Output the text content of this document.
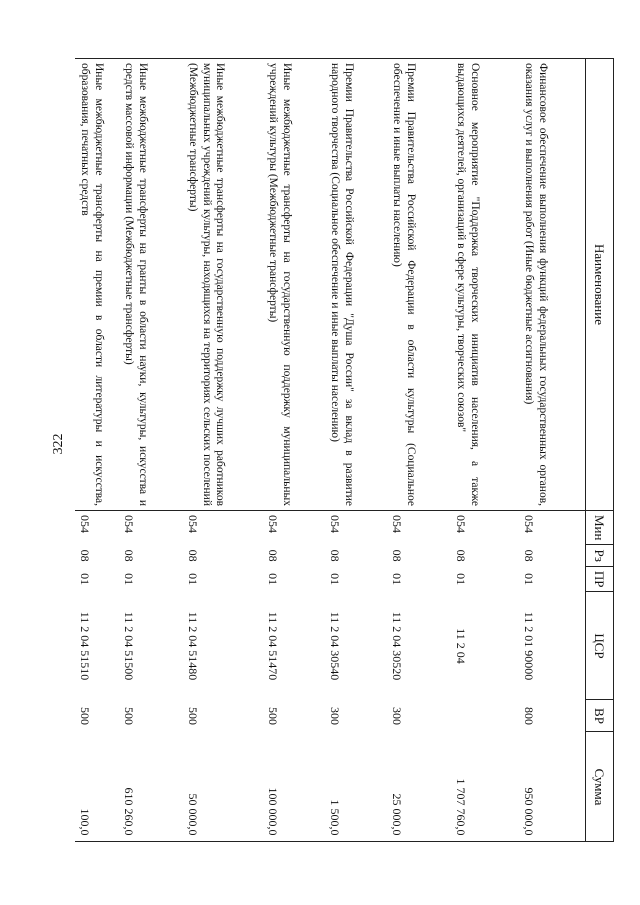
322
Наименование	Мин	Рз	ПР	ЦСР	ВР	Сумма
Финансовое обеспечение выполнения функций федеральных государственных органов, оказания услуг и выполнения работ (Иные бюджетные ассигнования)	054	08	01	11 2 01 90000	800	950 000,0
Основное мероприятие "Поддержка творческих инициатив населения, а также выдающихся деятелей, организаций в сфере культуры, творческих союзов"	054	08	01	11 2 04		1 707 760,0
Премии Правительства Российской Федерации в области культуры (Социальное обеспечение и иные выплаты населению)	054	08	01	11 2 04 30520	300	25 000,0
Премии Правительства Российской Федерации "Душа России" за вклад в развитие народного творчества (Социальное обеспечение и иные выплаты населению)	054	08	01	11 2 04 30540	300	1 500,0
Иные межбюджетные трансферты на государственную поддержку муниципальных учреждений культуры (Межбюджетные трансферты)	054	08	01	11 2 04 51470	500	100 000,0
Иные межбюджетные трансферты на государственную поддержку лучших работников муниципальных учреждений культуры, находящихся на территориях сельских поселений (Межбюджетные трансферты)	054	08	01	11 2 04 51480	500	50 000,0
Иные межбюджетные трансферты на гранты в области науки, культуры, искусства и средств массовой информации (Межбюджетные трансферты)	054	08	01	11 2 04 51500	500	610 260,0
Иные межбюджетные трансферты на премии в области литературы и искусства, образования, печатных средств	054	08	01	11 2 04 51510	500	100,0
